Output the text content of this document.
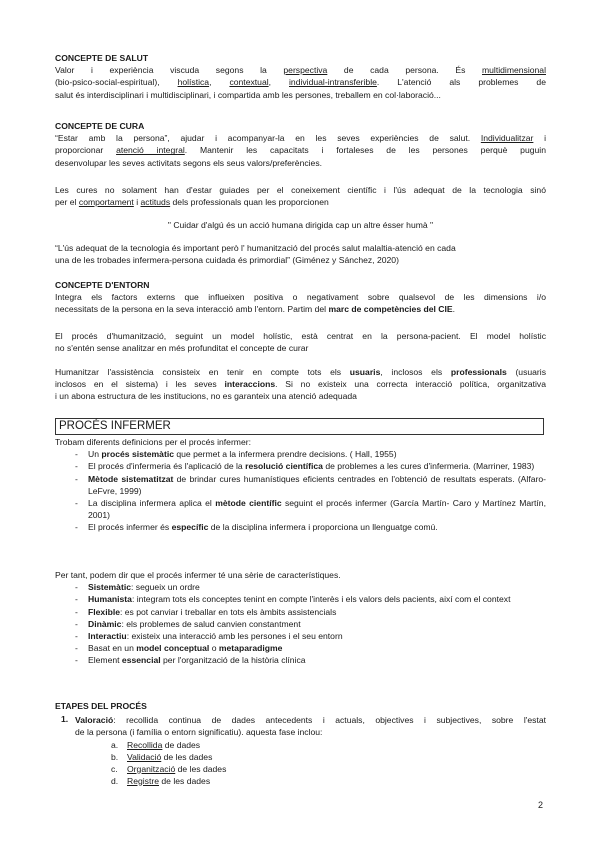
CONCEPTE DE SALUT

Valor i experiència viscuda segons la perspectiva de cada persona. És multidimensional

(bio-psico-social-espiritual), holística, contextual, individual-intransferible. L'atenció als problemes de

salut és interdisciplinari i multidisciplinari, i compartida amb les persones, treballem en col·laboració...

CONCEPTE DE CURA

“Estar amb la persona”, ajudar i acompanyar-la en les seves experiències de salut. Individualitzar i

proporcionar atenció integral. Mantenir les capacitats i fortaleses de les persones perquè puguin

desenvolupar les seves activitats segons els seus valors/preferències.

Les cures no solament han d'estar guiades per el coneixement científic i l'ús adequat de la tecnologia sinó

per el comportament i actituds dels professionals quan les proporcionen

" Cuidar d'algú és un acció humana dirigida cap un altre ésser humà "

“L'ús adequat de la tecnologia és important però l' humanització del procés salut malaltia-atenció en cada

una de les trobades infermera-persona cuidada és primordial” (Giménez y Sánchez, 2020)

CONCEPTE D'ENTORN

Integra els factors externs que influeixen positiva o negativament sobre qualsevol de les dimensions i/o

necessitats de la persona en la seva interacció amb l'entorn. Partim del marc de competències del CIE.

El procés d'humanització, seguint un model holístic, està centrat en la persona-pacient. El model holístic

no s'entén sense analitzar en més profunditat el concepte de curar

Humanitzar l'assistència consisteix en tenir en compte tots els usuaris, inclosos els professionals (usuaris

inclosos en el sistema) i les seves interaccions. Si no existeix una correcta interacció política, organitzativa

i un abona estructura de les institucions, no es garanteix una atenció adequada

PROCÉS INFERMER

Trobam diferents definicions per el procés infermer:

- Un procés sistemàtic que permet a la infermera prendre decisions. ( Hall, 1955)
- El procés d'infermeria és l'aplicació de la resolució científica de problemes a les cures d'infermeria. (Marriner, 1983)
- Mètode sistematitzat de brindar cures humanístiques eficients centrades en l'obtenció de resultats esperats. (Alfaro-LeFvre, 1999)
- La disciplina infermera aplica el mètode científic seguint el procés infermer (García Martín- Caro y Martínez Martín, 2001)
- El procés infermer és específic de la disciplina infermera i proporciona un llenguatge comú.

Per tant, podem dir que el procés infermer té una sèrie de característiques.

- Sistemàtic: segueix un ordre
- Humanista: integram tots els conceptes tenint en compte l'interès i els valors dels pacients, així com el context
- Flexible: es pot canviar i treballar en tots els àmbits assistencials
- Dinàmic: els problemes de salud canvien constantment
- Interactiu: existeix una interacció amb les persones i el seu entorn
- Basat en un model conceptual o metaparadigme
- Element essencial per l'organització de la història clínica

ETAPES DEL PROCÉS

1. Valoració: recollida continua de dades antecedents i actuals, objectives i subjectives, sobre l'estat

de la persona (i família o entorn significatiu). aquesta fase inclou:

a. Recollida de dades
b. Validació de les dades
c. Organització de les dades
d. Registre de les dades
2
